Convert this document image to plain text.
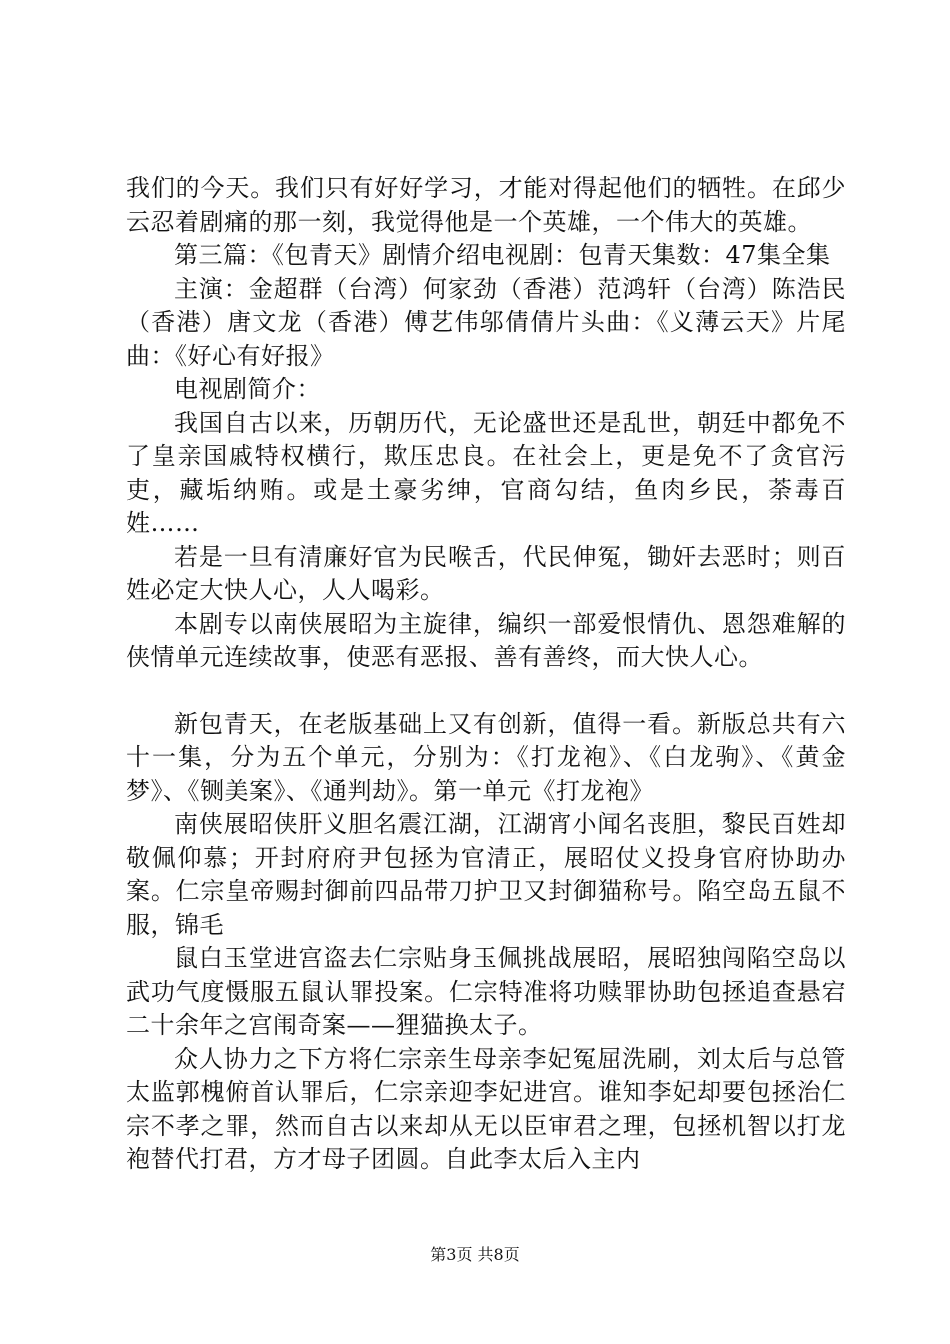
我们的今天。我们只有好好学习，才能对得起他们的牺牲。在邱少云忍着剧痛的那一刻，我觉得他是一个英雄，一个伟大的英雄。

第三篇：《包青天》剧情介绍电视剧：包青天集数：47集全集

主演：金超群（台湾）何家劲（香港）范鸿轩（台湾）陈浩民（香港）唐文龙（香港）傅艺伟邬倩倩片头曲：《义薄云天》片尾曲：《好心有好报》

电视剧简介：

我国自古以来，历朝历代，无论盛世还是乱世，朝廷中都免不了皇亲国戚特权横行，欺压忠良。在社会上，更是免不了贪官污吏，藏垢纳贿。或是土豪劣绅，官商勾结，鱼肉乡民，荼毒百姓……

若是一旦有清廉好官为民喉舌，代民伸冤，锄奸去恶时；则百姓必定大快人心，人人喝彩。

本剧专以南侠展昭为主旋律，编织一部爱恨情仇、恩怨难解的侠情单元连续故事，使恶有恶报、善有善终，而大快人心。

新包青天，在老版基础上又有创新，值得一看。新版总共有六十一集，分为五个单元，分别为：《打龙袍》、《白龙驹》、《黄金梦》、《铡美案》、《通判劫》。第一单元《打龙袍》

南侠展昭侠肝义胆名震江湖，江湖宵小闻名丧胆，黎民百姓却敬佩仰慕；开封府府尹包拯为官清正，展昭仗义投身官府协助办案。仁宗皇帝赐封御前四品带刀护卫又封御猫称号。陷空岛五鼠不服，锦毛

鼠白玉堂进宫盗去仁宗贴身玉佩挑战展昭，展昭独闯陷空岛以武功气度慑服五鼠认罪投案。仁宗特准将功赎罪协助包拯追查悬宕二十余年之宫闱奇案——狸猫换太子。

众人协力之下方将仁宗亲生母亲李妃冤屈洗刷，刘太后与总管太监郭槐俯首认罪后，仁宗亲迎李妃进宫。谁知李妃却要包拯治仁宗不孝之罪，然而自古以来却从无以臣审君之理，包拯机智以打龙袍替代打君，方才母子团圆。自此李太后入主内

第3页 共8页
